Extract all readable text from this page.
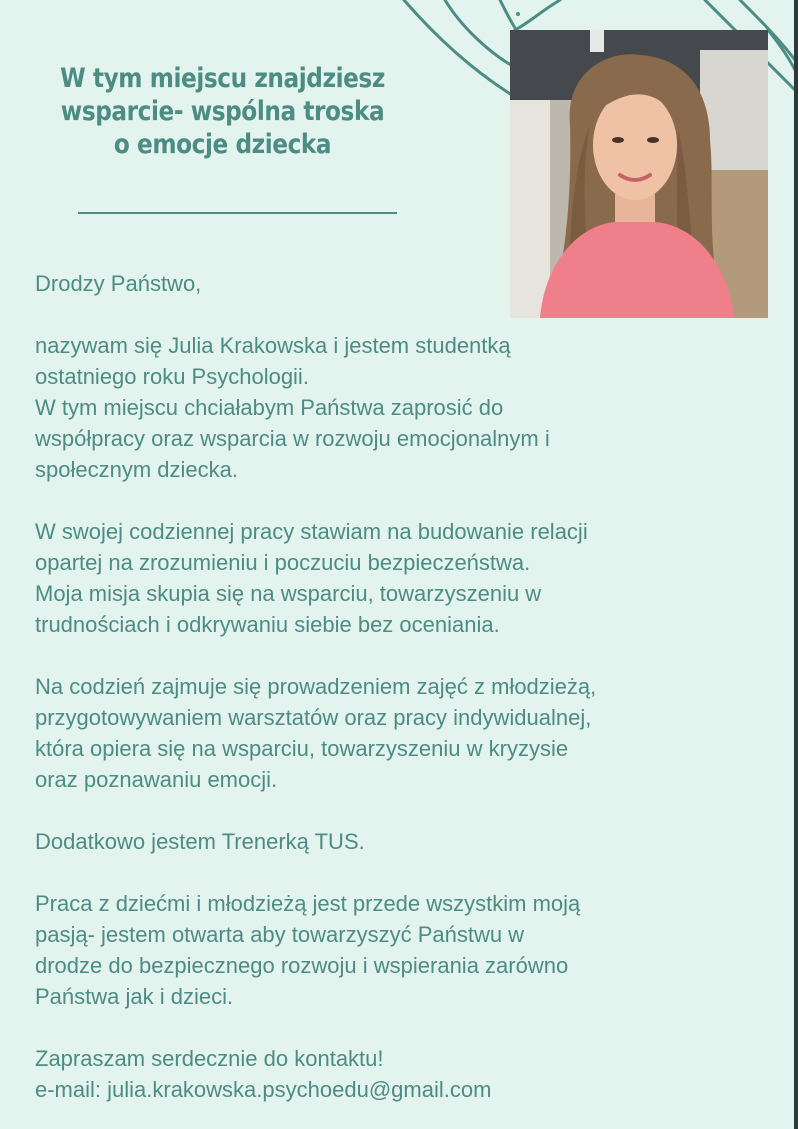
W tym miejscu znajdziesz wsparcie- wspólna troska o emocje dziecka

Drodzy Państwo,

nazywam się Julia Krakowska i jestem studentką
ostatniego roku Psychologii.
W tym miejscu chciałabym Państwa zaprosić do
współpracy oraz wsparcia w rozwoju emocjonalnym i
społecznym dziecka.

W swojej codziennej pracy stawiam na budowanie relacji
opartej na zrozumieniu i poczuciu bezpieczeństwa.
Moja misja skupia się na wsparciu, towarzyszeniu w
trudnościach i odkrywaniu siebie bez oceniania.

Na codzień zajmuje się prowadzeniem zajęć z młodzieżą,
przygotowywaniem warsztatów oraz pracy indywidualnej,
która opiera się na wsparciu, towarzyszeniu w kryzysie
oraz poznawaniu emocji.

Dodatkowo jestem Trenerką TUS.

Praca z dziećmi i młodzieżą jest przede wszystkim moją
pasją- jestem otwarta aby towarzyszyć Państwu w
drodze do bezpiecznego rozwoju i wspierania zarówno
Państwa jak i dzieci.

Zapraszam serdecznie do kontaktu!
e-mail: julia.krakowska.psychoedu@gmail.com
